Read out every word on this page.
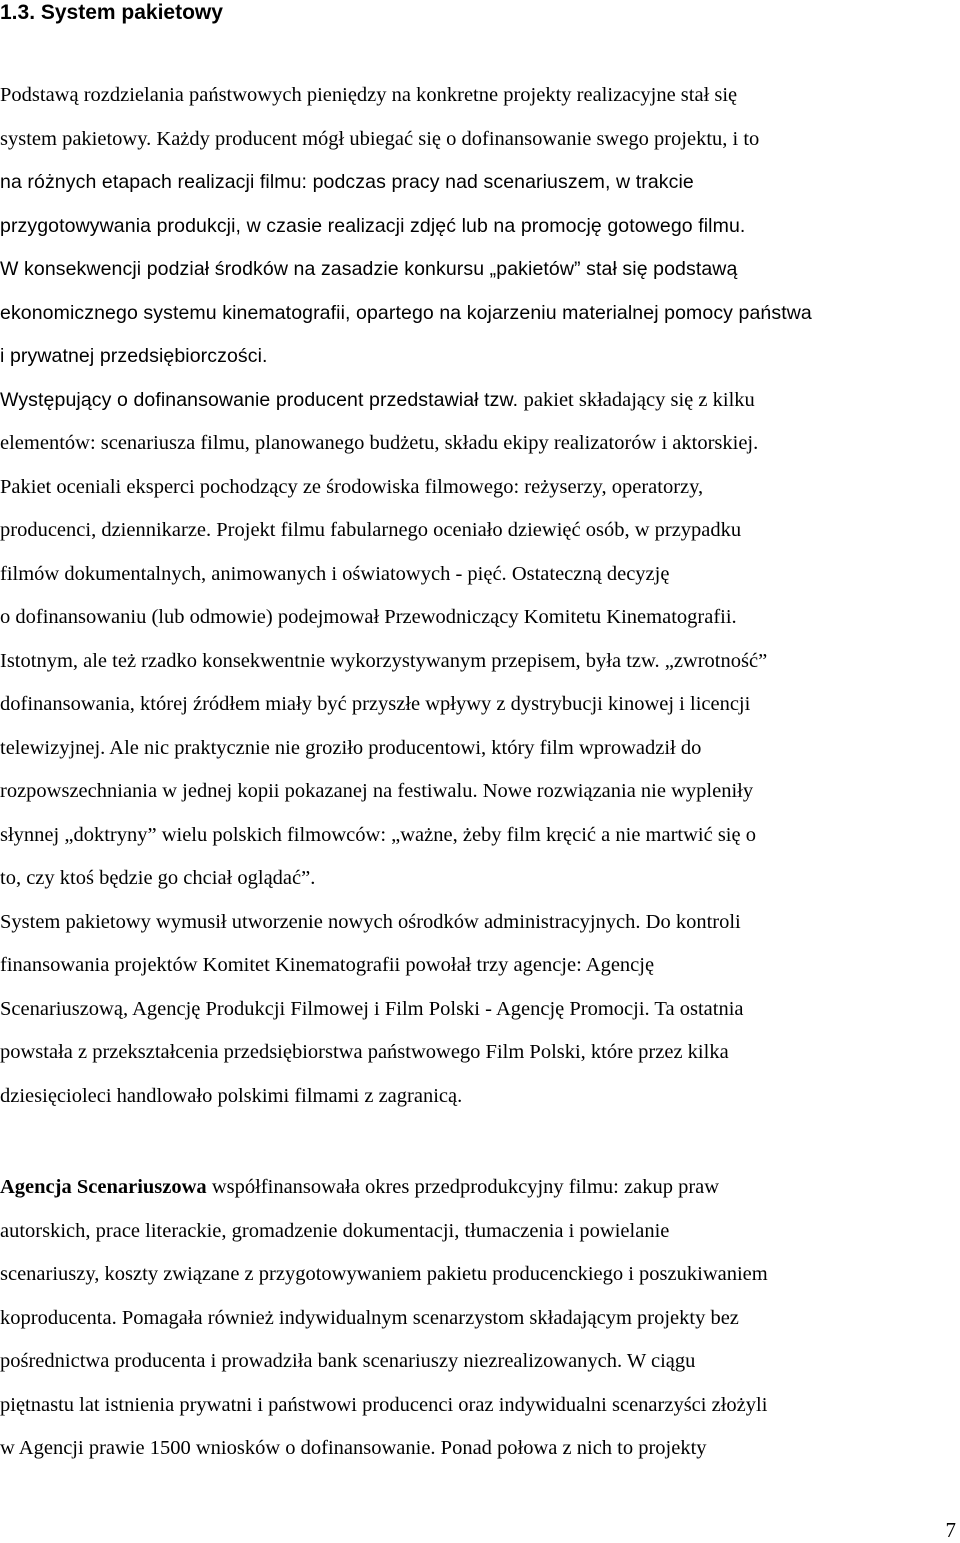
1.3. System pakietowy
Podstawą rozdzielania państwowych pieniędzy na konkretne projekty realizacyjne stał się
system pakietowy. Każdy producent mógł ubiegać się o dofinansowanie swego projektu, i to
na różnych etapach realizacji filmu: podczas pracy nad scenariuszem, w trakcie
przygotowywania produkcji, w czasie realizacji zdjęć lub na promocję gotowego filmu.
W konsekwencji podział środków na zasadzie konkursu „pakietów” stał się podstawą
ekonomicznego systemu kinematografii, opartego na kojarzeniu materialnej pomocy państwa
i prywatnej przedsiębiorczości.
Występujący o dofinansowanie producent przedstawiał tzw. pakiet składający się z kilku
elementów: scenariusza filmu, planowanego budżetu, składu ekipy realizatorów i aktorskiej.
Pakiet oceniali eksperci pochodzący ze środowiska filmowego: reżyserzy, operatorzy,
producenci, dziennikarze. Projekt filmu fabularnego oceniało dziewięć osób, w przypadku
filmów dokumentalnych, animowanych i oświatowych - pięć. Ostateczną decyzję
o dofinansowaniu (lub odmowie) podejmował Przewodniczący Komitetu Kinematografii.
Istotnym, ale też rzadko konsekwentnie wykorzystywanym przepisem, była tzw. „zwrotność”
dofinansowania, której źródłem miały być przyszłe wpływy z dystrybucji kinowej i licencji
telewizyjnej. Ale nic praktycznie nie groziło producentowi, który film wprowadził do
rozpowszechniania w jednej kopii pokazanej na festiwalu. Nowe rozwiązania nie wypleniły
słynnej „doktryny” wielu polskich filmowców: „ważne, żeby film kręcić a nie martwić się o
to, czy ktoś będzie go chciał oglądać”.
System pakietowy wymusił utworzenie nowych ośrodków administracyjnych. Do kontroli
finansowania projektów Komitet Kinematografii powołał trzy agencje: Agencję
Scenariuszową, Agencję Produkcji Filmowej i Film Polski - Agencję Promocji. Ta ostatnia
powstała z przekształcenia przedsiębiorstwa państwowego Film Polski, które przez kilka
dziesięcioleci handlowało polskimi filmami z zagranicą.
Agencja Scenariuszowa współfinansowała okres przedprodukcyjny filmu: zakup praw
autorskich, prace literackie, gromadzenie dokumentacji, tłumaczenia i powielanie
scenariuszy, koszty związane z przygotowywaniem pakietu producenckiego i poszukiwaniem
koproducenta. Pomagała również indywidualnym scenarzystom składającym projekty bez
pośrednictwa producenta i prowadziła bank scenariuszy niezrealizowanych. W ciągu
piętnastu lat istnienia prywatni i państwowi producenci oraz indywidualni scenarzyści złożyli
w Agencji prawie 1500 wniosków o dofinansowanie. Ponad połowa z nich to projekty
7
